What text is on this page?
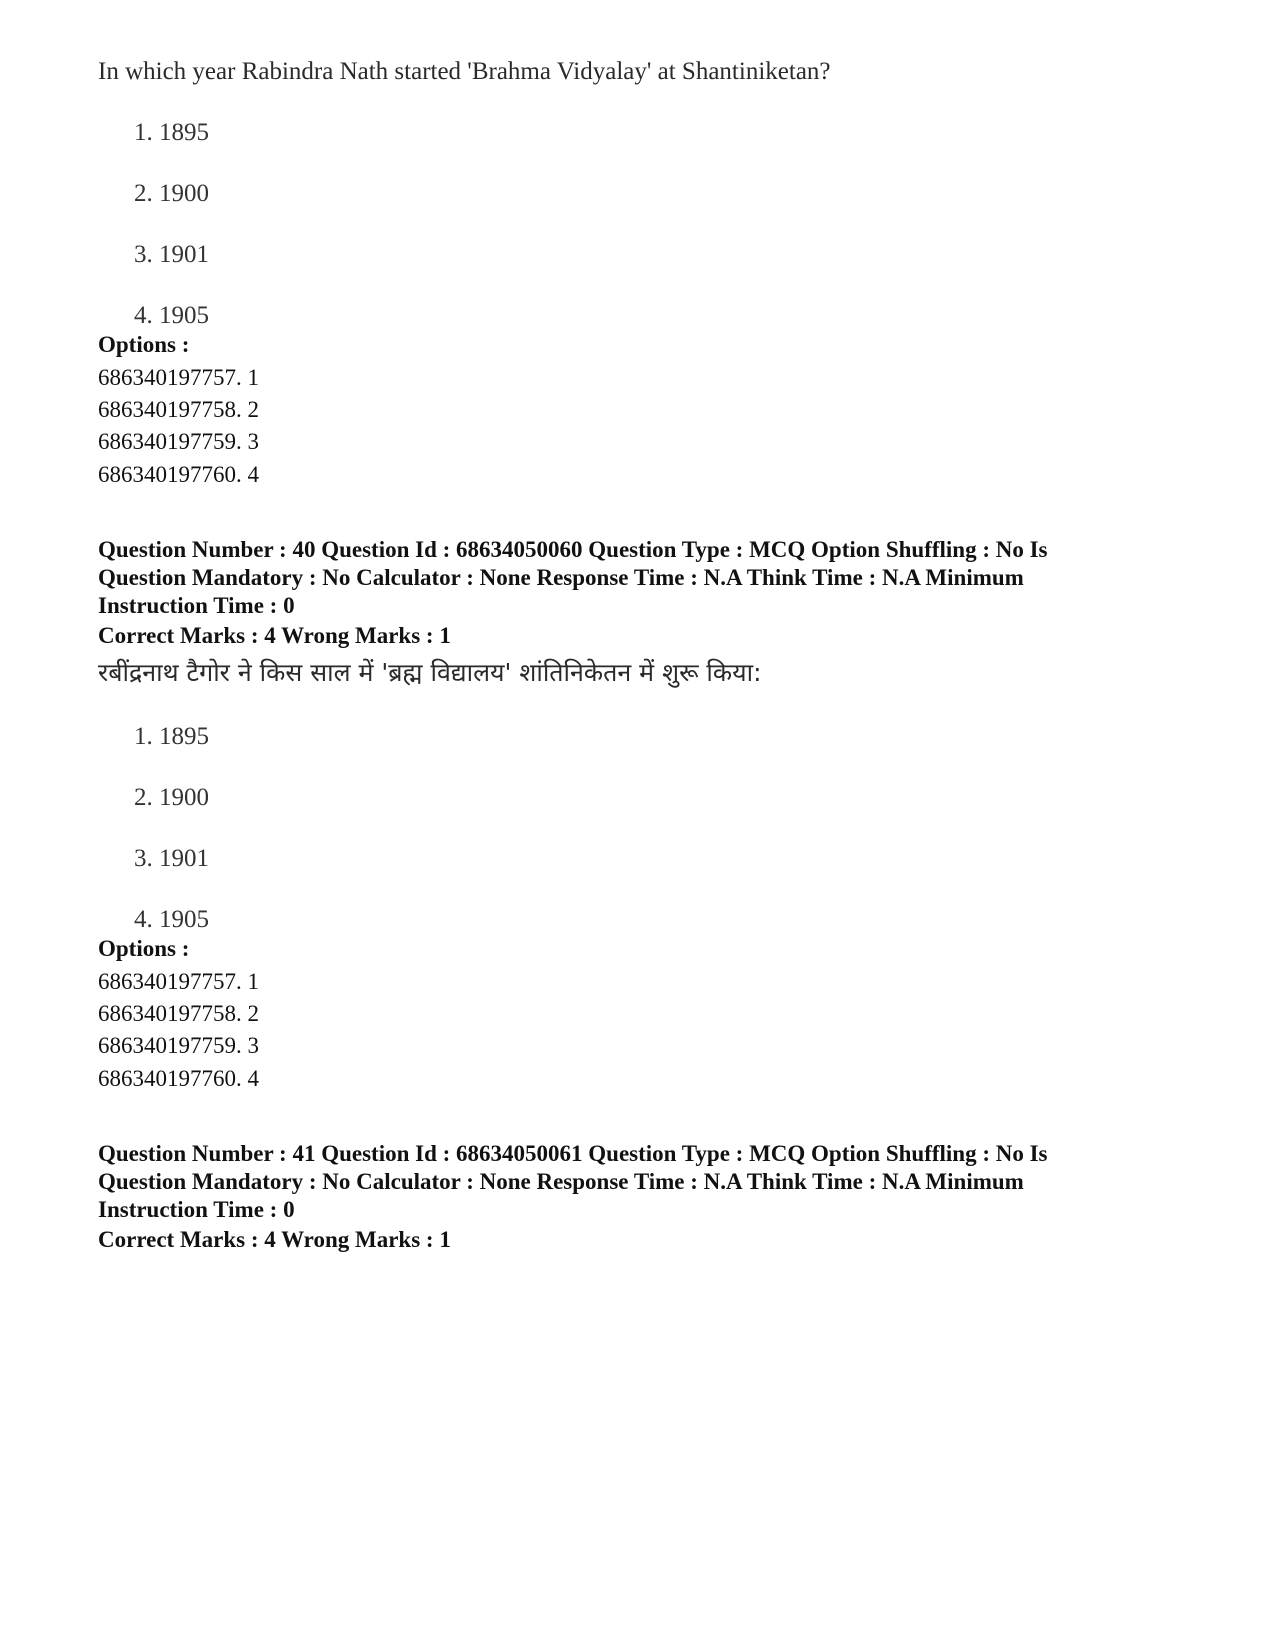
In which year Rabindra Nath started 'Brahma Vidyalay' at Shantiniketan?
1. 1895
2. 1900
3. 1901
4. 1905
Options :
686340197757. 1
686340197758. 2
686340197759. 3
686340197760. 4
Question Number : 40 Question Id : 68634050060 Question Type : MCQ Option Shuffling : No Is
Question Mandatory : No Calculator : None Response Time : N.A Think Time : N.A Minimum
Instruction Time : 0
Correct Marks : 4 Wrong Marks : 1
रबींद्रनाथ टैगोर ने किस साल में 'ब्रह्म विद्यालय' शांतिनिकेतन में शुरू किया:
1. 1895
2. 1900
3. 1901
4. 1905
Options :
686340197757. 1
686340197758. 2
686340197759. 3
686340197760. 4
Question Number : 41 Question Id : 68634050061 Question Type : MCQ Option Shuffling : No Is
Question Mandatory : No Calculator : None Response Time : N.A Think Time : N.A Minimum
Instruction Time : 0
Correct Marks : 4 Wrong Marks : 1
